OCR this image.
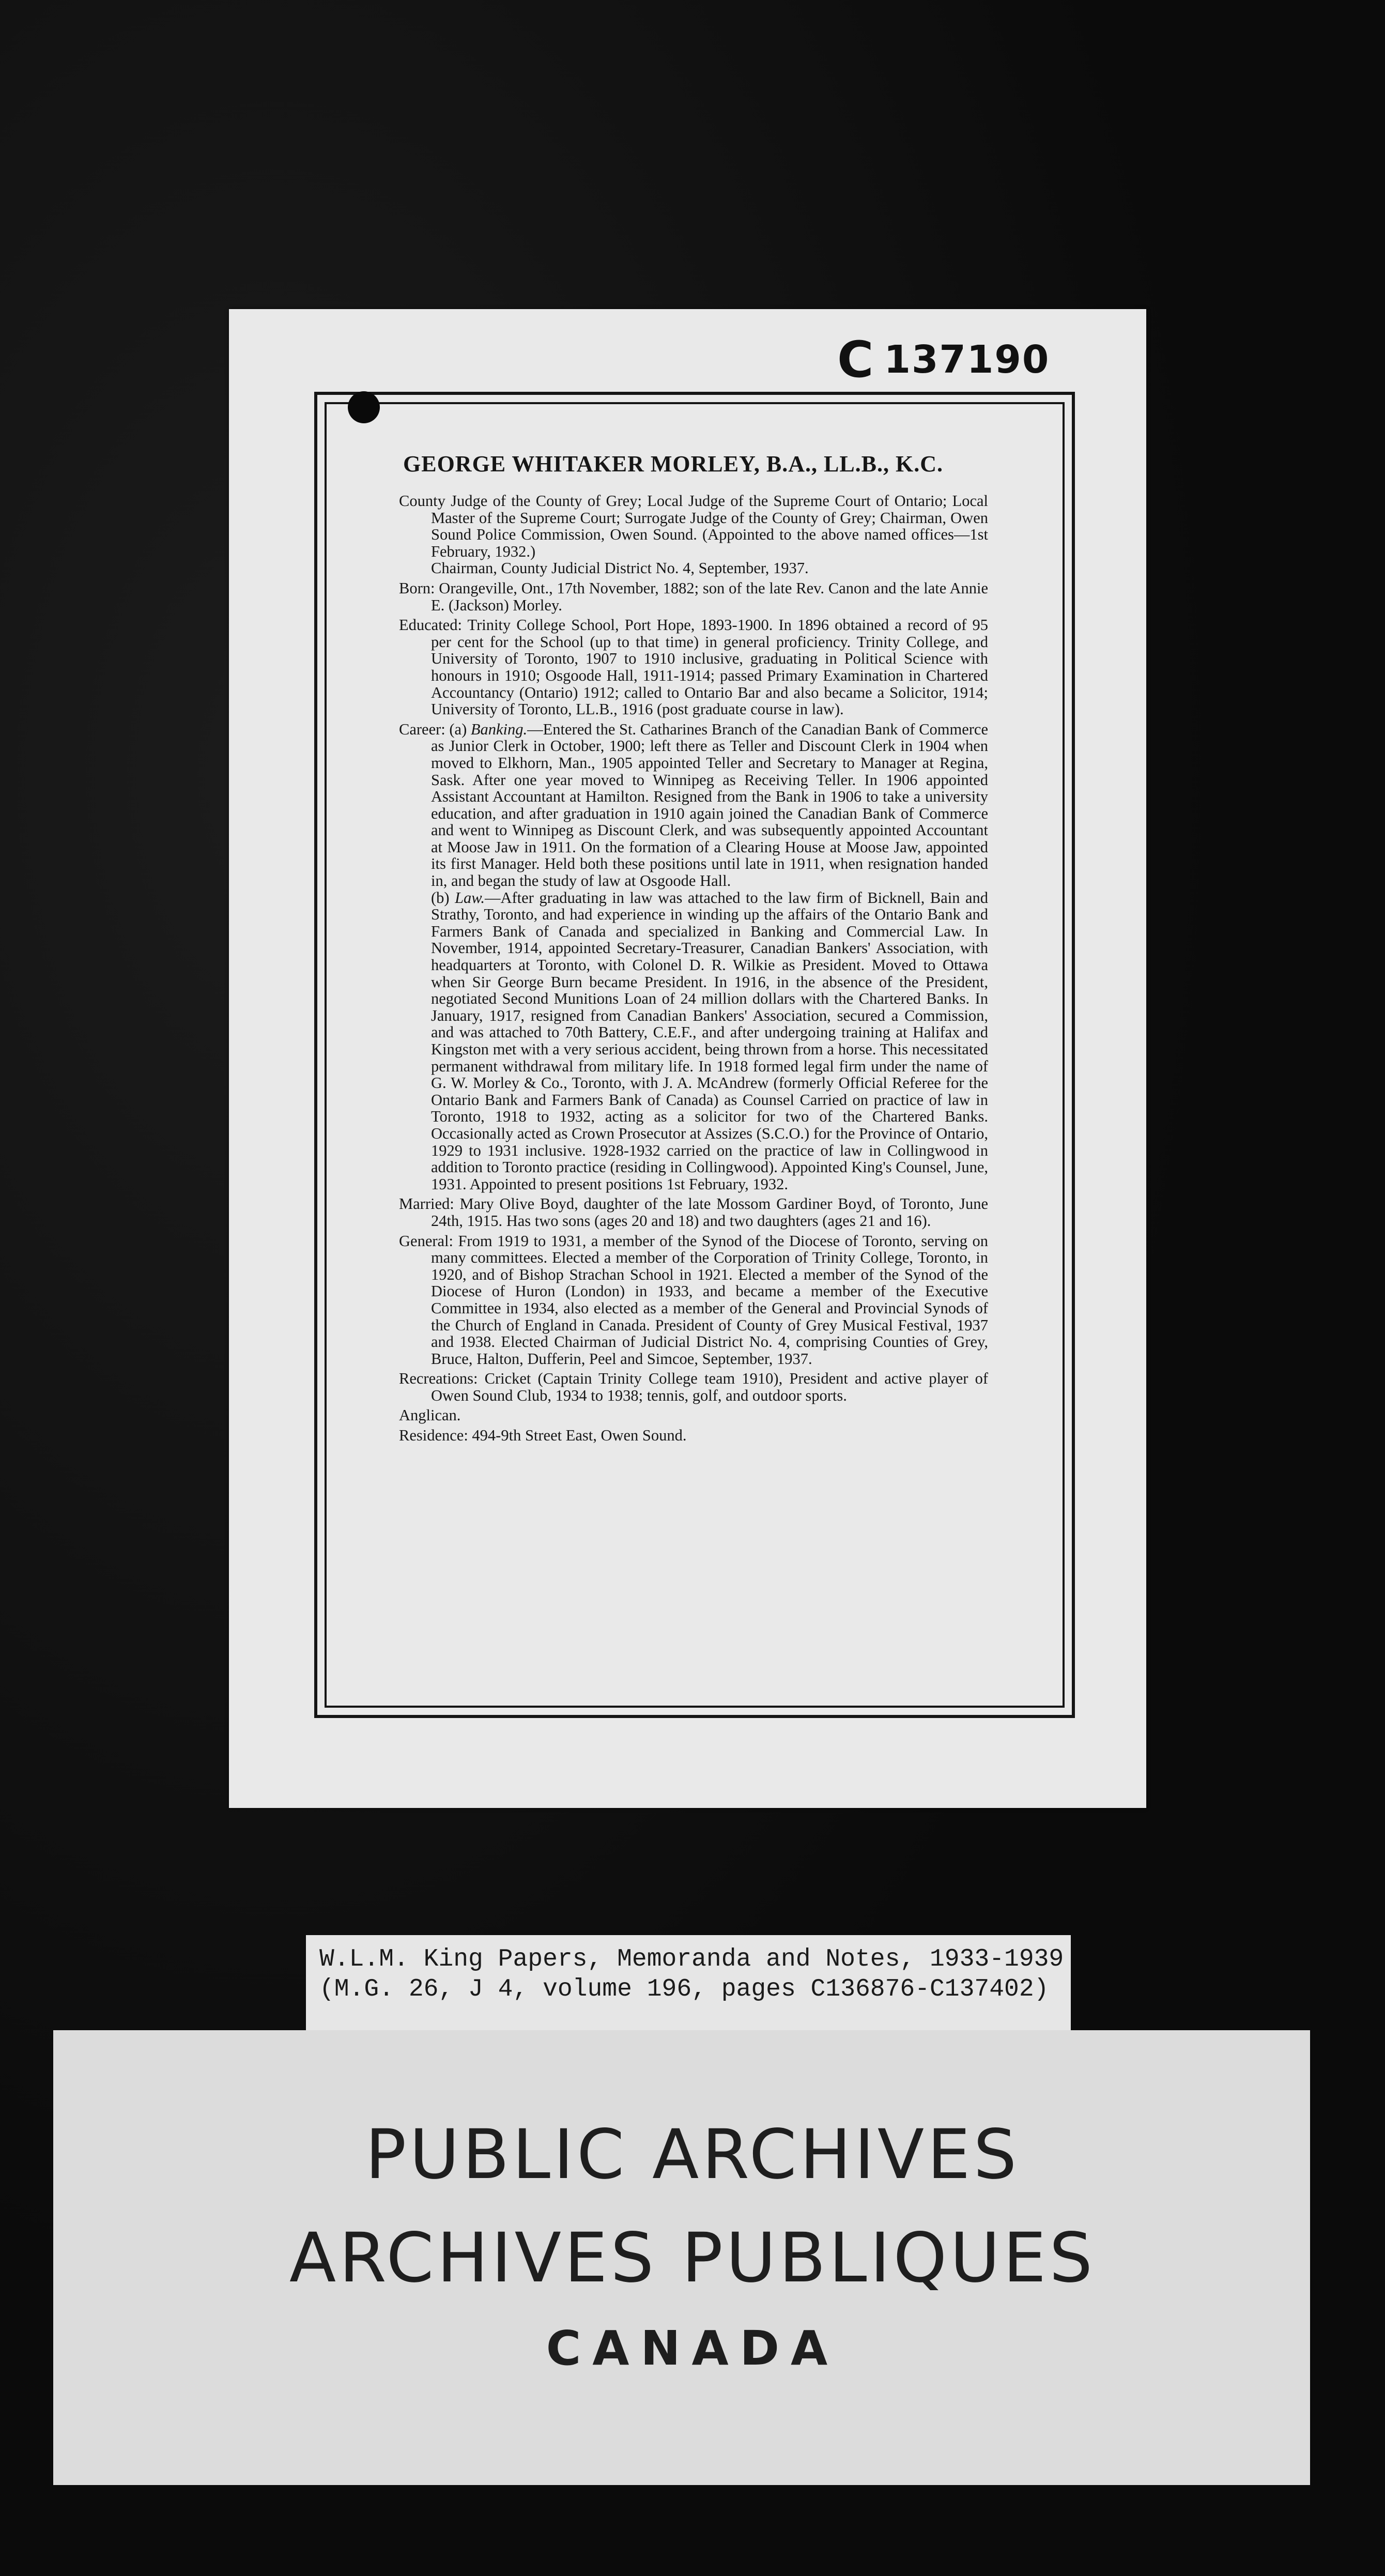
C 137190
GEORGE WHITAKER MORLEY, B.A., LL.B., K.C.

County Judge of the County of Grey; Local Judge of the Supreme Court of Ontario; Local Master of the Supreme Court; Surrogate Judge of the County of Grey; Chairman, Owen Sound Police Commission, Owen Sound. (Appointed to the above named offices—1st February, 1932.)

Chairman, County Judicial District No. 4, September, 1937.

Born: Orangeville, Ont., 17th November, 1882; son of the late Rev. Canon and the late Annie E. (Jackson) Morley.

Educated: Trinity College School, Port Hope, 1893-1900. In 1896 obtained a record of 95 per cent for the School (up to that time) in general proficiency. Trinity College, and University of Toronto, 1907 to 1910 inclusive, graduating in Political Science with honours in 1910; Osgoode Hall, 1911-1914; passed Primary Examination in Chartered Accountancy (Ontario) 1912; called to Ontario Bar and also became a Solicitor, 1914; University of Toronto, LL.B., 1916 (post graduate course in law).

Career: (a) Banking.—Entered the St. Catharines Branch of the Canadian Bank of Commerce as Junior Clerk in October, 1900; left there as Teller and Discount Clerk in 1904 when moved to Elkhorn, Man., 1905 appointed Teller and Secretary to Manager at Regina, Sask. After one year moved to Winnipeg as Receiving Teller. In 1906 appointed Assistant Accountant at Hamilton. Resigned from the Bank in 1906 to take a university education, and after graduation in 1910 again joined the Canadian Bank of Commerce and went to Winnipeg as Discount Clerk, and was subsequently appointed Accountant at Moose Jaw in 1911. On the formation of a Clearing House at Moose Jaw, appointed its first Manager. Held both these positions until late in 1911, when resignation handed in, and began the study of law at Osgoode Hall.

(b) Law.—After graduating in law was attached to the law firm of Bicknell, Bain and Strathy, Toronto, and had experience in winding up the affairs of the Ontario Bank and Farmers Bank of Canada and specialized in Banking and Commercial Law. In November, 1914, appointed Secretary-Treasurer, Canadian Bankers' Association, with headquarters at Toronto, with Colonel D. R. Wilkie as President. Moved to Ottawa when Sir George Burn became President. In 1916, in the absence of the President, negotiated Second Munitions Loan of 24 million dollars with the Chartered Banks. In January, 1917, resigned from Canadian Bankers' Association, secured a Commission, and was attached to 70th Battery, C.E.F., and after undergoing training at Halifax and Kingston met with a very serious accident, being thrown from a horse. This necessitated permanent withdrawal from military life. In 1918 formed legal firm under the name of G. W. Morley & Co., Toronto, with J. A. McAndrew (formerly Official Referee for the Ontario Bank and Farmers Bank of Canada) as Counsel Carried on practice of law in Toronto, 1918 to 1932, acting as a solicitor for two of the Chartered Banks. Occasionally acted as Crown Prosecutor at Assizes (S.C.O.) for the Province of Ontario, 1929 to 1931 inclusive. 1928-1932 carried on the practice of law in Collingwood in addition to Toronto practice (residing in Collingwood). Appointed King's Counsel, June, 1931. Appointed to present positions 1st February, 1932.

Married: Mary Olive Boyd, daughter of the late Mossom Gardiner Boyd, of Toronto, June 24th, 1915. Has two sons (ages 20 and 18) and two daughters (ages 21 and 16).

General: From 1919 to 1931, a member of the Synod of the Diocese of Toronto, serving on many committees. Elected a member of the Corporation of Trinity College, Toronto, in 1920, and of Bishop Strachan School in 1921. Elected a member of the Synod of the Diocese of Huron (London) in 1933, and became a member of the Executive Committee in 1934, also elected as a member of the General and Provincial Synods of the Church of England in Canada. President of County of Grey Musical Festival, 1937 and 1938. Elected Chairman of Judicial District No. 4, comprising Counties of Grey, Bruce, Halton, Dufferin, Peel and Simcoe, September, 1937.

Recreations: Cricket (Captain Trinity College team 1910), President and active player of Owen Sound Club, 1934 to 1938; tennis, golf, and outdoor sports.

Anglican.

Residence: 494-9th Street East, Owen Sound.

W.L.M. King Papers, Memoranda and Notes, 1933-1939
(M.G. 26, J 4, volume 196, pages C136876-C137402)
PUBLIC ARCHIVES
ARCHIVES PUBLIQUES
CANADA
